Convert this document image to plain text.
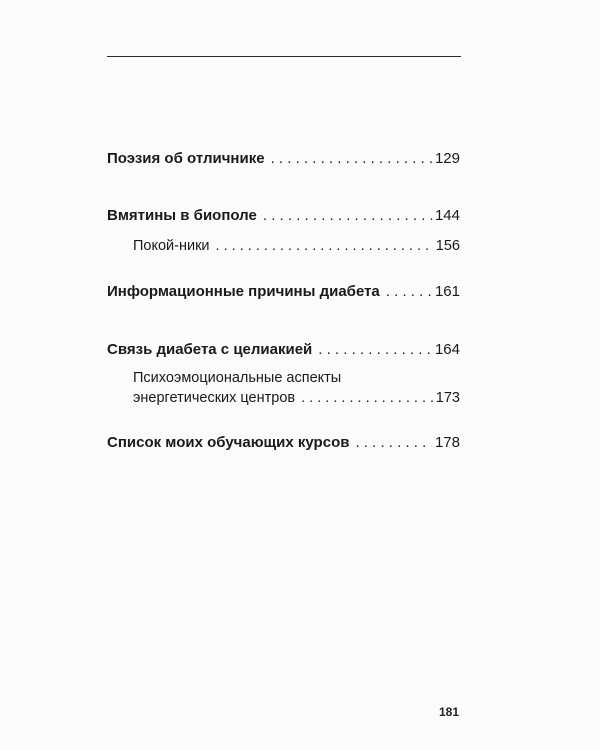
Поэзия об отличнике . . .	129
Вмятины в биополе . . .	144
Покой-ники . . .	156
Информационные причины диабета . . .	161
Связь диабета с целиакией . . .	164
Психоэмоциональные аспекты
энергетических центров . . .	173
Список моих обучающих курсов . . .	178
181
